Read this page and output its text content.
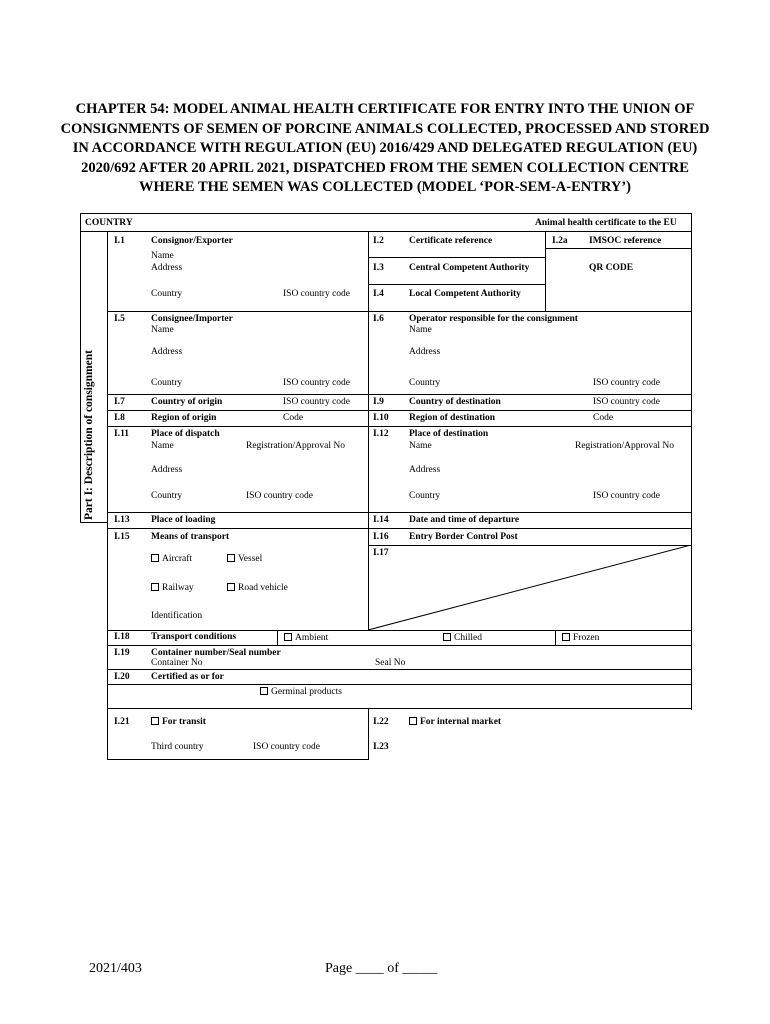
CHAPTER 54: MODEL ANIMAL HEALTH CERTIFICATE FOR ENTRY INTO THE UNION OF CONSIGNMENTS OF SEMEN OF PORCINE ANIMALS COLLECTED, PROCESSED AND STORED IN ACCORDANCE WITH REGULATION (EU) 2016/429 AND DELEGATED REGULATION (EU) 2020/692 AFTER 20 APRIL 2021, DISPATCHED FROM THE SEMEN COLLECTION CENTRE WHERE THE SEMEN WAS COLLECTED (MODEL ‘POR-SEM-A-ENTRY’)
COUNTRY	Animal health certificate to the EU
Part I: Description of consignment
I.1	Consignor/Exporter
Name
Address
Country	ISO country code
I.2	Certificate reference	I.2a IMSOC reference
QR CODE
I.3	Central Competent Authority
I.4	Local Competent Authority
I.5	Consignee/Importer
Name
Address
Country	ISO country code
I.6	Operator responsible for the consignment
Name
Address
Country	ISO country code
I.7	Country of origin	ISO country code I.9	Country of destination	ISO country code
I.8	Region of origin	Code	I.10 Region of destination	Code
I.11 Place of dispatch
Name	Registration/Approval No
Address
Country	ISO country code
I.12 Place of destination
Name	Registration/Approval No
Address
Country	ISO country code
I.13 Place of loading	I.14 Date and time of departure
I.15 Means of transport
Aircraft	Vessel
Railway	Road vehicle
Identification
I.16 Entry Border Control Post
I.17
I.18 Transport conditions	Ambient	Chilled	Frozen
I.19 Container number/Seal number
Container No	Seal No
I.20 Certified as or for
Germinal products
I.21	For transit
Third country	ISO country code
I.22	For internal market
I.23
2021/403	Page ____ of _____
